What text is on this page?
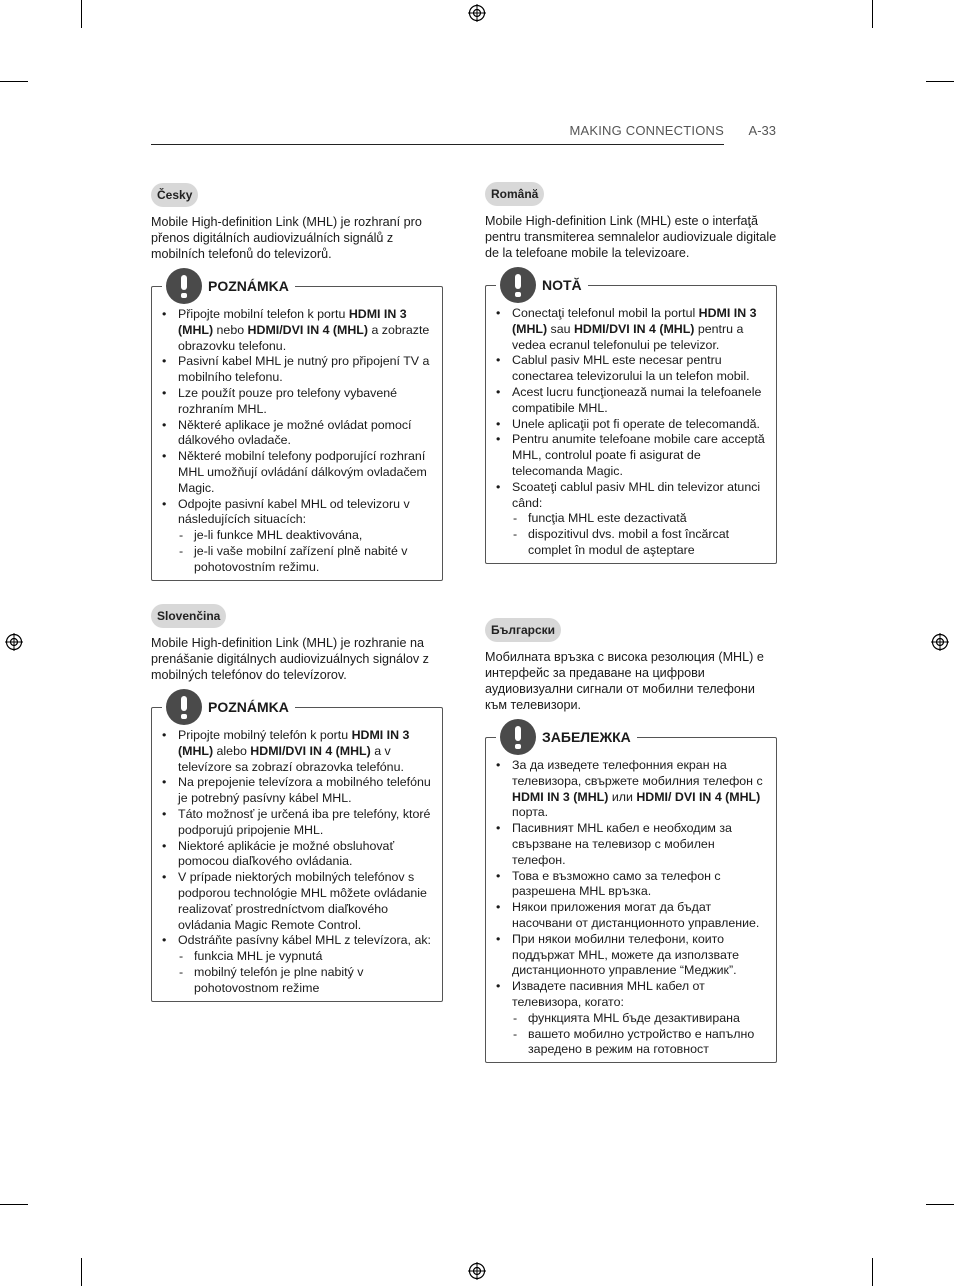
MAKING CONNECTIONS A-33
Česky
Mobile High-definition Link (MHL) je rozhraní pro přenos digitálních audiovizuálních signálů z mobilních telefonů do televizorů.
POZNÁMKA
• Připojte mobilní telefon k portu HDMI IN 3 (MHL) nebo HDMI/DVI IN 4 (MHL) a zobrazte obrazovku telefonu.
• Pasivní kabel MHL je nutný pro připojení TV a mobilního telefonu.
• Lze použít pouze pro telefony vybavené rozhraním MHL.
• Některé aplikace je možné ovládat pomocí dálkového ovladače.
• Některé mobilní telefony podporující rozhraní MHL umožňují ovládání dálkovým ovladačem Magic.
• Odpojte pasivní kabel MHL od televizoru v následujících situacích:
- je-li funkce MHL deaktivována,
- je-li vaše mobilní zařízení plně nabité v pohotovostním režimu.
Slovenčina
Mobile High-definition Link (MHL) je rozhranie na prenášanie digitálnych audiovizuálnych signálov z mobilných telefónov do televízorov.
POZNÁMKA
• Pripojte mobilný telefón k portu HDMI IN 3 (MHL) alebo HDMI/DVI IN 4 (MHL) a v televízore sa zobrazí obrazovka telefónu.
• Na prepojenie televízora a mobilného telefónu je potrebný pasívny kábel MHL.
• Táto možnosť je určená iba pre telefóny, ktoré podporujú pripojenie MHL.
• Niektoré aplikácie je možné obsluhovať pomocou diaľkového ovládania.
• V prípade niektorých mobilných telefónov s podporou technológie MHL môžete ovládanie realizovať prostredníctvom diaľkového ovládania Magic Remote Control.
• Odstráňte pasívny kábel MHL z televízora, ak:
- funkcia MHL je vypnutá
- mobilný telefón je plne nabitý v pohotovostnom režime
Română
Mobile High-definition Link (MHL) este o interfaţă pentru transmiterea semnalelor audiovizuale digitale de la telefoane mobile la televizoare.
NOTĂ
• Conectaţi telefonul mobil la portul HDMI IN 3 (MHL) sau HDMI/DVI IN 4 (MHL) pentru a vedea ecranul telefonului pe televizor.
• Cablul pasiv MHL este necesar pentru conectarea televizorului la un telefon mobil.
• Acest lucru funcţionează numai la telefoanele compatibile MHL.
• Unele aplicaţii pot fi operate de telecomandă.
• Pentru anumite telefoane mobile care acceptă MHL, controlul poate fi asigurat de telecomanda Magic.
• Scoateţi cablul pasiv MHL din televizor atunci când:
- funcţia MHL este dezactivată
- dispozitivul dvs. mobil a fost încărcat complet în modul de aşteptare
Български
Мобилната връзка с висока резолюция (MHL) е интерфейс за предаване на цифрови аудиовизуални сигнали от мобилни телефони към телевизори.
ЗАБЕЛЕЖКА
• За да изведете телефонния екран на телевизора, свържете мобилния телефон с HDMI IN 3 (MHL) или HDMI/ DVI IN 4 (MHL) порта.
• Пасивният MHL кабел е необходим за свързване на телевизор с мобилен телефон.
• Това е възможно само за телефон с разрешена MHL връзка.
• Някои приложения могат да бъдат насочвани от дистанционното управление.
• При някои мобилни телефони, които поддържат MHL, можете да използвате дистанционното управление “Меджик”.
• Извадете пасивния MHL кабел от телевизора, когато:
- функцията MHL бъде дезактивирана
- вашето мобилно устройство е напълно заредено в режим на готовност
